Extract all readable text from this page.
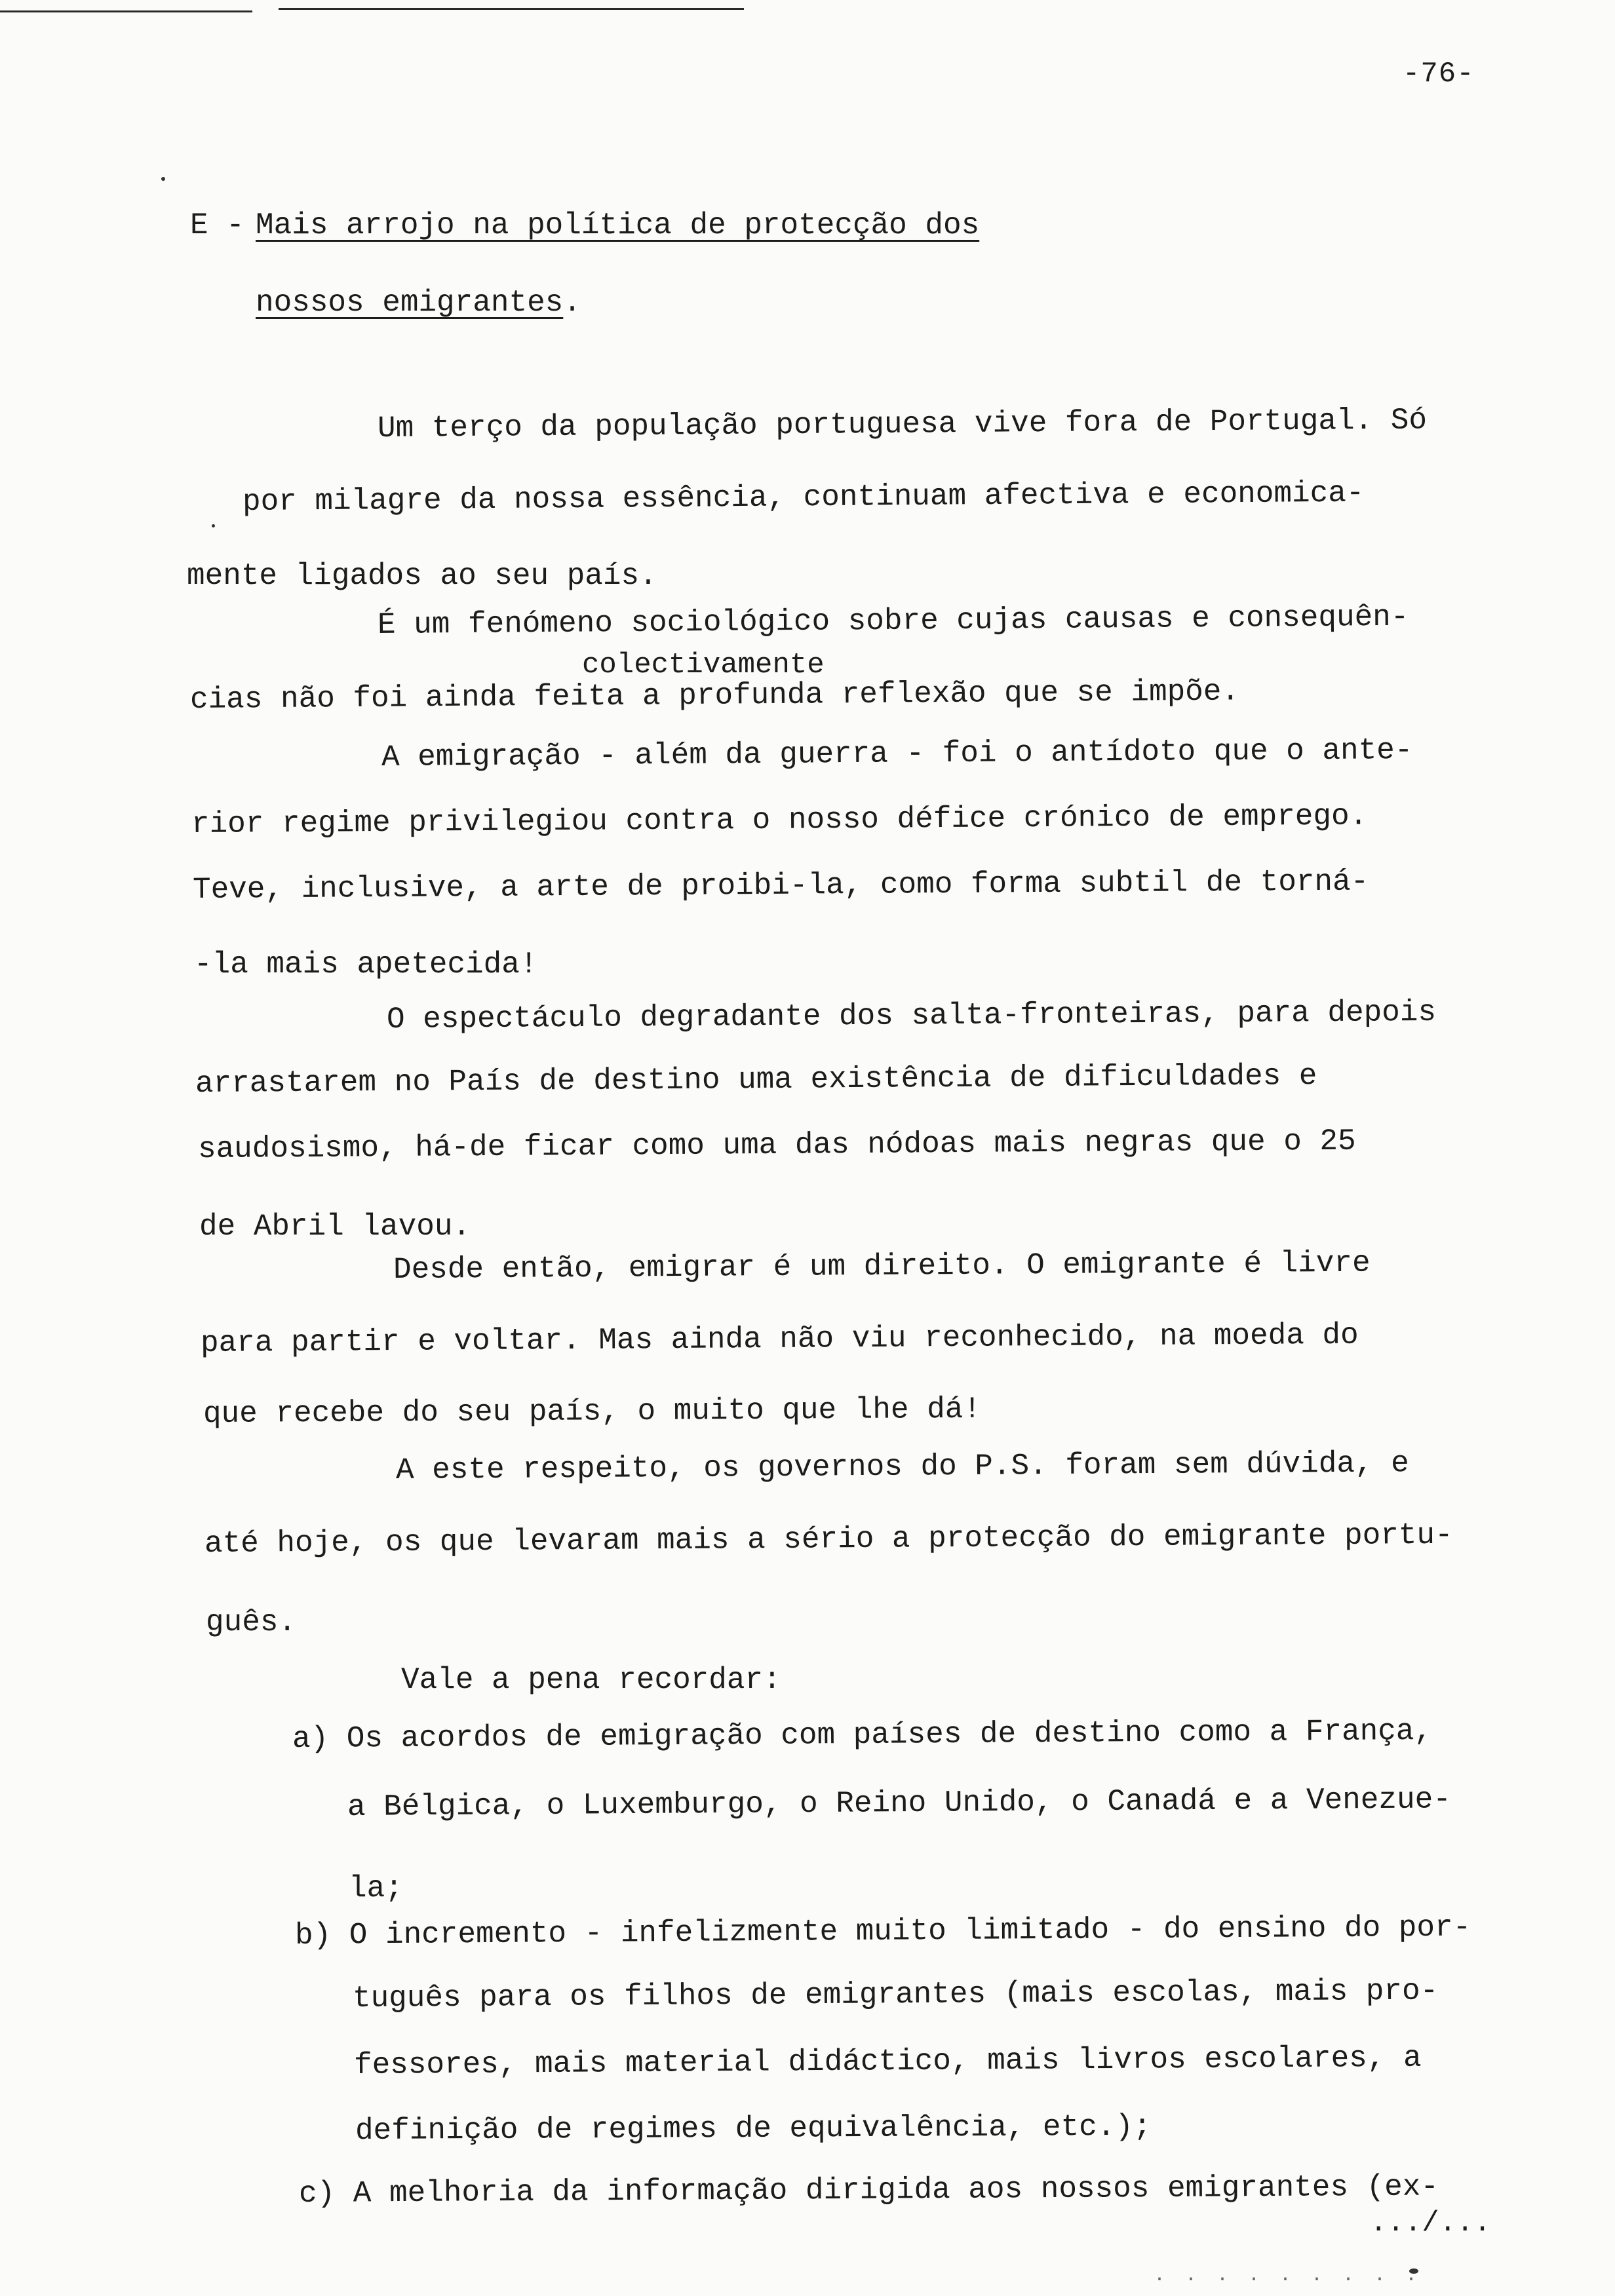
-76-
E - Mais arrojo na política de protecção dos
nossos emigrantes.
Um terço da população portuguesa vive fora de Portugal. Só
por milagre da nossa essência, continuam afectiva e economica-
mente ligados ao seu país.
É um fenómeno sociológico sobre cujas causas e consequên-
colectivamente
cias não foi ainda feita a profunda reflexão que se impõe.
A emigração - além da guerra - foi o antídoto que o ante-
rior regime privilegiou contra o nosso défice crónico de emprego.
Teve, inclusive, a arte de proibi-la, como forma subtil de torná-
-la mais apetecida!
O espectáculo degradante dos salta-fronteiras, para depois
arrastarem no País de destino uma existência de dificuldades e
saudosismo, há-de ficar como uma das nódoas mais negras que o 25
de Abril lavou.
Desde então, emigrar é um direito. O emigrante é livre
para partir e voltar. Mas ainda não viu reconhecido, na moeda do
que recebe do seu país, o muito que lhe dá!
A este respeito, os governos do P.S. foram sem dúvida, e
até hoje, os que levaram mais a sério a protecção do emigrante portu-
guês.
Vale a pena recordar:
a) Os acordos de emigração com países de destino como a França,
a Bélgica, o Luxemburgo, o Reino Unido, o Canadá e a Venezue-
la;
b) O incremento - infelizmente muito limitado - do ensino do por-
tuguês para os filhos de emigrantes (mais escolas, mais pro-
fessores, mais material didáctico, mais livros escolares, a
definição de regimes de equivalência, etc.);
c) A melhoria da informação dirigida aos nossos emigrantes (ex-
.../...
· · · · · · · · ·
